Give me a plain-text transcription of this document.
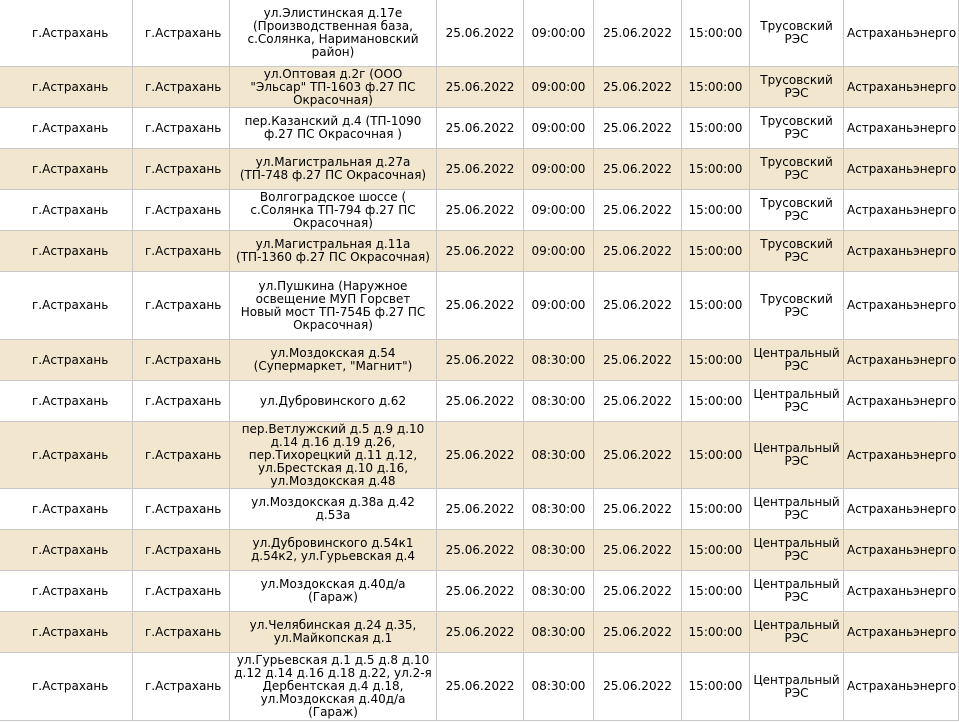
г.Астрахань	г.Астрахань	ул.Элистинская д.17е (Производственная база, с.Солянка, Наримановский район)	25.06.2022	09:00:00	25.06.2022	15:00:00	Трусовский РЭС	Астраханьэнерго
г.Астрахань	г.Астрахань	ул.Оптовая д.2г (ООО "Эльсар" ТП-1603 ф.27 ПС Окрасочная)	25.06.2022	09:00:00	25.06.2022	15:00:00	Трусовский РЭС	Астраханьэнерго
г.Астрахань	г.Астрахань	пер.Казанский д.4 (ТП-1090 ф.27 ПС Окрасочная )	25.06.2022	09:00:00	25.06.2022	15:00:00	Трусовский РЭС	Астраханьэнерго
г.Астрахань	г.Астрахань	ул.Магистральная д.27а (ТП-748 ф.27 ПС Окрасочная)	25.06.2022	09:00:00	25.06.2022	15:00:00	Трусовский РЭС	Астраханьэнерго
г.Астрахань	г.Астрахань	Волгоградское шоссе ( с.Солянка ТП-794 ф.27 ПС Окрасочная)	25.06.2022	09:00:00	25.06.2022	15:00:00	Трусовский РЭС	Астраханьэнерго
г.Астрахань	г.Астрахань	ул.Магистральная д.11а (ТП-1360 ф.27 ПС Окрасочная)	25.06.2022	09:00:00	25.06.2022	15:00:00	Трусовский РЭС	Астраханьэнерго
г.Астрахань	г.Астрахань	ул.Пушкина (Наружное освещение МУП Горсвет Новый мост ТП-754Б ф.27 ПС Окрасочная)	25.06.2022	09:00:00	25.06.2022	15:00:00	Трусовский РЭС	Астраханьэнерго
г.Астрахань	г.Астрахань	ул.Моздокская д.54 (Супермаркет, "Магнит")	25.06.2022	08:30:00	25.06.2022	15:00:00	Центральный РЭС	Астраханьэнерго
г.Астрахань	г.Астрахань	ул.Дубровинского д.62	25.06.2022	08:30:00	25.06.2022	15:00:00	Центральный РЭС	Астраханьэнерго
г.Астрахань	г.Астрахань	пер.Ветлужский д.5 д.9 д.10 д.14 д.16 д.19 д.26, пер.Тихорецкий д.11 д.12, ул.Брестская д.10 д.16, ул.Моздокская д.48	25.06.2022	08:30:00	25.06.2022	15:00:00	Центральный РЭС	Астраханьэнерго
г.Астрахань	г.Астрахань	ул.Моздокская д.38а д.42 д.53а	25.06.2022	08:30:00	25.06.2022	15:00:00	Центральный РЭС	Астраханьэнерго
г.Астрахань	г.Астрахань	ул.Дубровинского д.54к1 д.54к2, ул.Гурьевская д.4	25.06.2022	08:30:00	25.06.2022	15:00:00	Центральный РЭС	Астраханьэнерго
г.Астрахань	г.Астрахань	ул.Моздокская д.40д/а (Гараж)	25.06.2022	08:30:00	25.06.2022	15:00:00	Центральный РЭС	Астраханьэнерго
г.Астрахань	г.Астрахань	ул.Челябинская д.24 д.35, ул.Майкопская д.1	25.06.2022	08:30:00	25.06.2022	15:00:00	Центральный РЭС	Астраханьэнерго
г.Астрахань	г.Астрахань	ул.Гурьевская д.1 д.5 д.8 д.10 д.12 д.14 д.16 д.18 д.22, ул.2-я Дербентская д.4 д.18, ул.Моздокская д.40д/а (Гараж)	25.06.2022	08:30:00	25.06.2022	15:00:00	Центральный РЭС	Астраханьэнерго
